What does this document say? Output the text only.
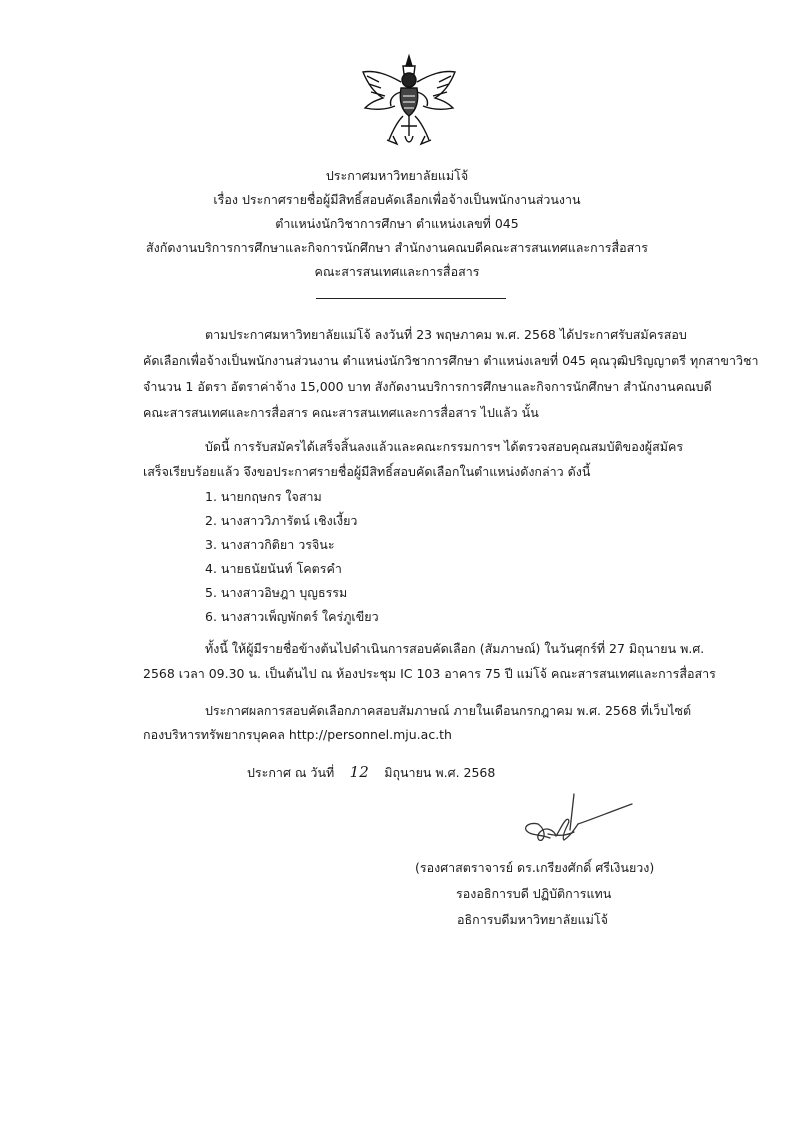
ประกาศมหาวิทยาลัยแม่โจ้
เรื่อง ประกาศรายชื่อผู้มีสิทธิ์สอบคัดเลือกเพื่อจ้างเป็นพนักงานส่วนงาน
ตำแหน่งนักวิชาการศึกษา ตำแหน่งเลขที่ 045
สังกัดงานบริการการศึกษาและกิจการนักศึกษา สำนักงานคณบดีคณะสารสนเทศและการสื่อสาร
คณะสารสนเทศและการสื่อสาร
ตามประกาศมหาวิทยาลัยแม่โจ้ ลงวันที่ 23 พฤษภาคม พ.ศ. 2568 ได้ประกาศรับสมัครสอบ
คัดเลือกเพื่อจ้างเป็นพนักงานส่วนงาน ตำแหน่งนักวิชาการศึกษา ตำแหน่งเลขที่ 045 คุณวุฒิปริญญาตรี ทุกสาขาวิชา
จำนวน 1 อัตรา อัตราค่าจ้าง 15,000 บาท สังกัดงานบริการการศึกษาและกิจการนักศึกษา สำนักงานคณบดี
คณะสารสนเทศและการสื่อสาร คณะสารสนเทศและการสื่อสาร ไปแล้ว นั้น
บัดนี้ การรับสมัครได้เสร็จสิ้นลงแล้วและคณะกรรมการฯ ได้ตรวจสอบคุณสมบัติของผู้สมัคร
เสร็จเรียบร้อยแล้ว จึงขอประกาศรายชื่อผู้มีสิทธิ์สอบคัดเลือกในตำแหน่งดังกล่าว ดังนี้
1. นายกฤษกร ใจสาม
2. นางสาววิภารัตน์ เชิงเงี้ยว
3. นางสาวกิติยา วรจินะ
4. นายธนัยนันท์ โคตรคำ
5. นางสาวอิษฎา บุญธรรม
6. นางสาวเพ็ญพักตร์ ใคร่ภูเขียว
ทั้งนี้ ให้ผู้มีรายชื่อข้างต้นไปดำเนินการสอบคัดเลือก (สัมภาษณ์) ในวันศุกร์ที่ 27 มิถุนายน พ.ศ.
2568 เวลา 09.30 น. เป็นต้นไป ณ ห้องประชุม IC 103 อาคาร 75 ปี แม่โจ้ คณะสารสนเทศและการสื่อสาร
ประกาศผลการสอบคัดเลือกภาคสอบสัมภาษณ์ ภายในเดือนกรกฎาคม พ.ศ. 2568 ที่เว็บไซต์
กองบริหารทรัพยากรบุคคล http://personnel.mju.ac.th
ประกาศ ณ วันที่ 12 มิถุนายน พ.ศ. 2568
(รองศาสตราจารย์ ดร.เกรียงศักดิ์ ศรีเงินยวง)
รองอธิการบดี ปฏิบัติการแทน
อธิการบดีมหาวิทยาลัยแม่โจ้
